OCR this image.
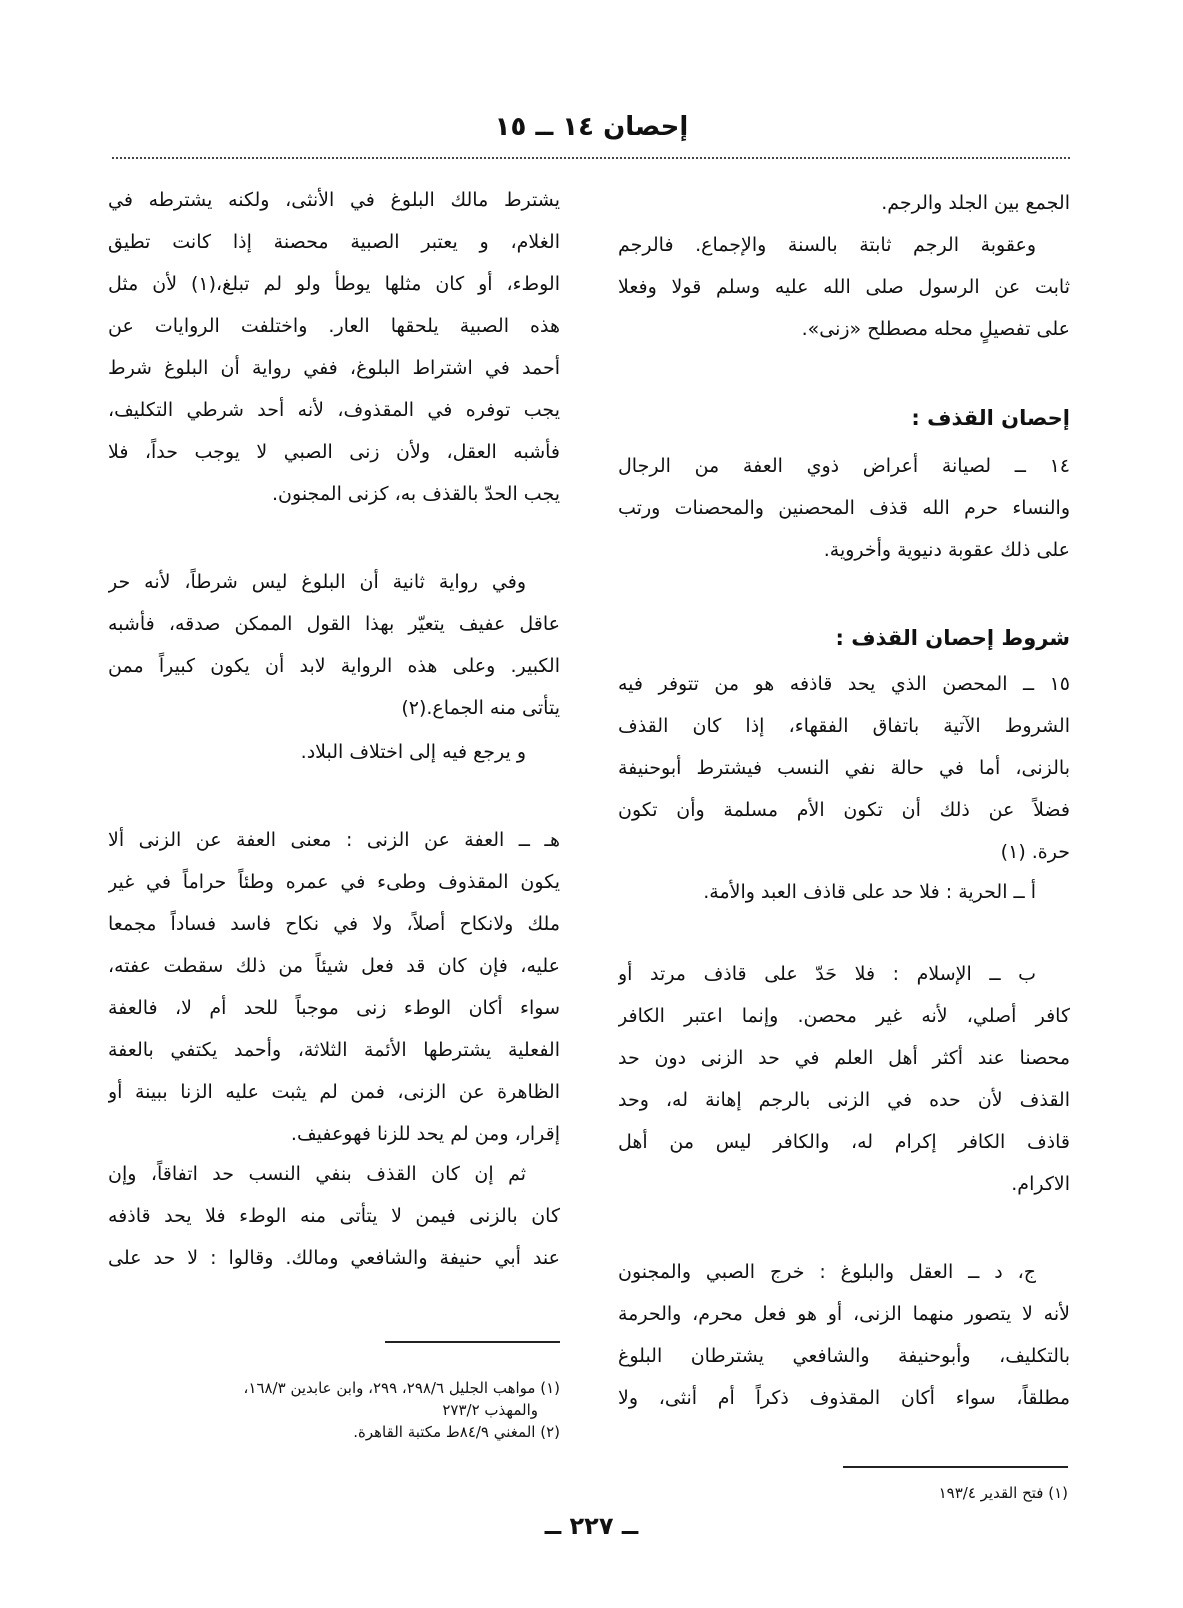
إحصان ١٤ ــ ١٥
الجمع بين الجلد والرجم.
وعقوبة الرجم ثابتة بالسنة والإجماع. فالرجم
ثابت عن الرسول صلى الله عليه وسلم قولا وفعلا
على تفصيلٍ محله مصطلح «زنى».
إحصان القذف :
١٤ ــ لصيانة أعراض ذوي العفة من الرجال
والنساء حرم الله قذف المحصنين والمحصنات ورتب
على ذلك عقوبة دنيوية وأخروية.
شروط إحصان القذف :
١٥ ــ المحصن الذي يحد قاذفه هو من تتوفر فيه
الشروط الآتية باتفاق الفقهاء، إذا كان القذف
بالزنى، أما في حالة نفي النسب فيشترط أبوحنيفة
فضلاً عن ذلك أن تكون الأم مسلمة وأن تكون
حرة. (١)
أ ــ الحرية : فلا حد على قاذف العبد والأمة.
ب ــ الإسلام : فلا حَدّ على قاذف مرتد أو
كافر أصلي، لأنه غير محصن. وإنما اعتبر الكافر
محصنا عند أكثر أهل العلم في حد الزنى دون حد
القذف لأن حده في الزنى بالرجم إهانة له، وحد
قاذف الكافر إكرام له، والكافر ليس من أهل
الاكرام.
ج، د ــ العقل والبلوغ : خرج الصبي والمجنون
لأنه لا يتصور منهما الزنى، أو هو فعل محرم، والحرمة
بالتكليف، وأبوحنيفة والشافعي يشترطان البلوغ
مطلقاً، سواء أكان المقذوف ذكراً أم أنثى، ولا
(١) فتح القدير ١٩٣/٤
يشترط مالك البلوغ في الأنثى، ولكنه يشترطه في
الغلام، و يعتبر الصبية محصنة إذا كانت تطيق
الوطء، أو كان مثلها يوطأ ولو لم تبلغ،(١) لأن مثل
هذه الصبية يلحقها العار. واختلفت الروايات عن
أحمد في اشتراط البلوغ، ففي رواية أن البلوغ شرط
يجب توفره في المقذوف، لأنه أحد شرطي التكليف،
فأشبه العقل، ولأن زنى الصبي لا يوجب حداً، فلا
يجب الحدّ بالقذف به، كزنى المجنون.
وفي رواية ثانية أن البلوغ ليس شرطاً، لأنه حر
عاقل عفيف يتعيّر بهذا القول الممكن صدقه، فأشبه
الكبير. وعلى هذه الرواية لابد أن يكون كبيراً ممن
يتأتى منه الجماع.(٢)
و يرجع فيه إلى اختلاف البلاد.
هـ ــ العفة عن الزنى : معنى العفة عن الزنى ألا
يكون المقذوف وطىء في عمره وطئاً حراماً في غير
ملك ولانكاح أصلاً، ولا في نكاح فاسد فساداً مجمعا
عليه، فإن كان قد فعل شيئاً من ذلك سقطت عفته،
سواء أكان الوطء زنى موجباً للحد أم لا، فالعفة
الفعلية يشترطها الأئمة الثلاثة، وأحمد يكتفي بالعفة
الظاهرة عن الزنى، فمن لم يثبت عليه الزنا ببينة أو
إقرار، ومن لم يحد للزنا فهوعفيف.
ثم إن كان القذف بنفي النسب حد اتفاقاً، وإن
كان بالزنى فيمن لا يتأتى منه الوطء فلا يحد قاذفه
عند أبي حنيفة والشافعي ومالك. وقالوا : لا حد على
(١) مواهب الجليل ٢٩٨/٦، ٢٩٩، وابن عابدين ١٦٨/٣،
والمهذب ٢٧٣/٢
(٢) المغني ٨٤/٩ط مكتبة القاهرة.
ــ ٢٢٧ ــ
